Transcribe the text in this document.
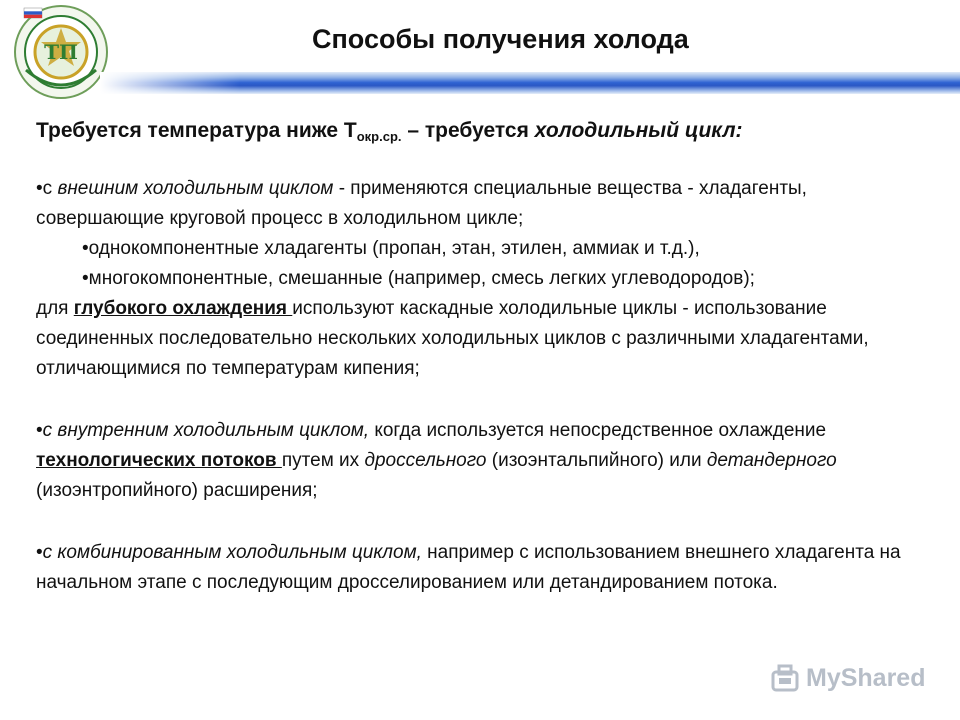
ТП	Способы получения холода

Требуется температура ниже $T_{окр.ср.}$ – требуется холодильный цикл:

•с внешним холодильным циклом - применяются специальные вещества - хладагенты, совершающие круговой процесс в холодильном цикле;

•однокомпонентные хладагенты (пропан, этан, этилен, аммиак и т.д.),

•многокомпонентные, смешанные (например, смесь легких углеводородов);

для глубокого охлаждения используют каскадные холодильные циклы - использование соединенных последовательно нескольких холодильных циклов с различными хладагентами, отличающимися по температурам кипения;

•с внутренним холодильным циклом, когда используется непосредственное охлаждение технологических потоков путем их дроссельного (изоэнтальпийного) или детандерного (изоэнтропийного) расширения;

•с комбинированным холодильным циклом, например с использованием внешнего хладагента на начальном этапе с последующим дросселированием или детандированием потока.

MyShared
